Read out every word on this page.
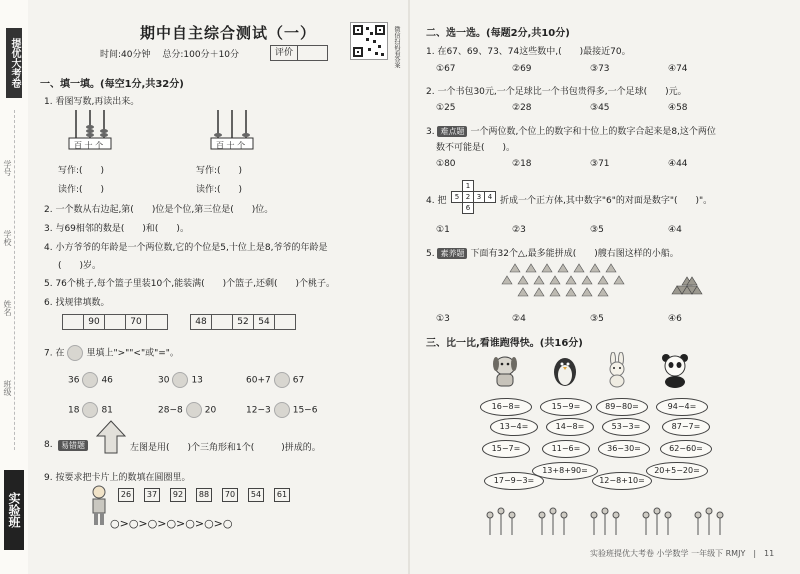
提优大考卷
学号
班级
姓名
学校
实验班
期中自主综合测试（一）	微信扫码看答案
时间:40分钟　 总分:100分＋10分	评价
一、填一填。(每空1分,共32分)
1. 看图写数,再读出来。
百 十 个	百 十 个
写作:(　　)
读作:(　　)
写作:(　　)
读作:(　　)
2. 一个数从右边起,第(　　)位是个位,第三位是(　　)位。
3. 与69相邻的数是(　　)和(　　)。
4. 小方爷爷的年龄是一个两位数,它的个位是5,十位上是8,爷爷的年龄是
(　　)岁。
5. 76个桃子,每个篮子里装10个,能装满(　　)个篮子,还剩(　　)个桃子。
6. 找规律填数。
	90		70		48		52	54	
7. 在 里填上">""<"或"="。
36 46	30 13	60+7 67
18 81	28−8 20	12−3 15−6
8.	易错题	左图是用(　　)个三角形和1个(　　　)拼成的。
9. 按要求把卡片上的数填在圆圈里。
26	37	92	88	70	54	61
○>○>○>○>○>○>○
二、选一选。(每题2分,共10分)
1. 在67、69、73、74这些数中,(　　)最接近70。
①67	②69	③73	④74
2. 一个书包30元,一个足球比一个书包贵得多,一个足球(　　)元。
①25	②28	③45	④58
3. 难点题 一个两位数,个位上的数字和十位上的数字合起来是8,这个两位
数不可能是(　　)。
①80	②18	③71	④44
4. 把
1
2 3 4
5
6
折成一个正方体,其中数字"6"的对面是数字"(　　)"。
①1	②3	③5	④4
5. 素养题 下面有32个△,最多能拼成(　　)艘右图这样的小船。
①3	②4	③5	④6
三、比一比,看谁跑得快。(共16分)
16−8=	15−9=	89−80=	94−4=
13−4=	14−8=	53−3=	87−7=
15−7=	11−6=	36−30=	62−60=
13+8+90=	20+5−20=
17−9−3=	12−8+10=
实验班提优大考卷 小学数学 一年级下 RMJY　|　11
